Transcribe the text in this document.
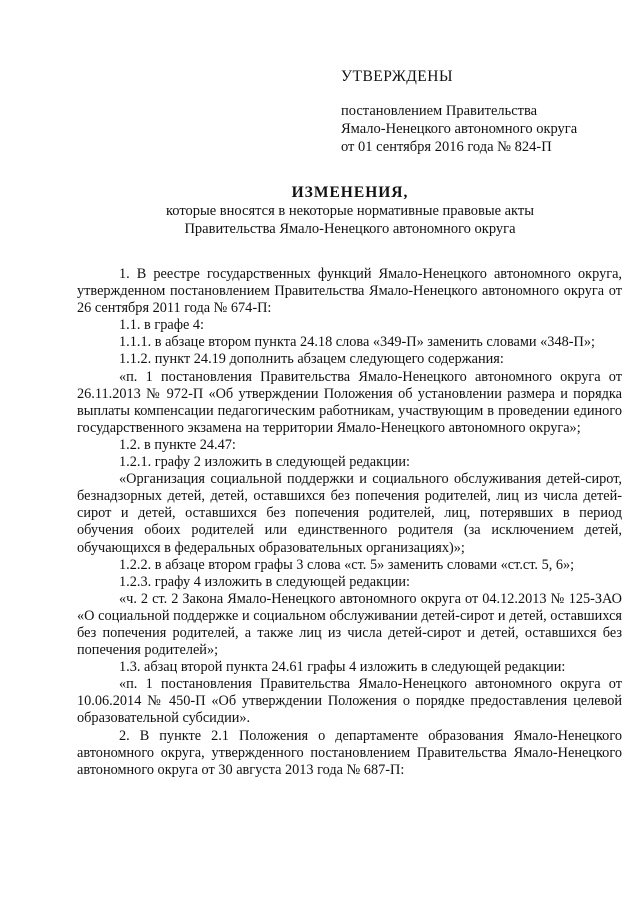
УТВЕРЖДЕНЫ
постановлением Правительства
Ямало-Ненецкого автономного округа
от 01 сентября 2016 года № 824-П
ИЗМЕНЕНИЯ,
которые вносятся в некоторые нормативные правовые акты
Правительства Ямало-Ненецкого автономного округа

1. В реестре государственных функций Ямало-Ненецкого автономного округа, утвержденном постановлением Правительства Ямало-Ненецкого автономного округа от 26 сентября 2011 года № 674-П:

1.1. в графе 4:

1.1.1. в абзаце втором пункта 24.18 слова «349-П» заменить словами «348-П»;

1.1.2. пункт 24.19 дополнить абзацем следующего содержания:

«п. 1 постановления Правительства Ямало-Ненецкого автономного округа от 26.11.2013 № 972-П «Об утверждении Положения об установлении размера и порядка выплаты компенсации педагогическим работникам, участвующим в проведении единого государственного экзамена на территории Ямало-Ненецкого автономного округа»;

1.2. в пункте 24.47:

1.2.1. графу 2 изложить в следующей редакции:

«Организация социальной поддержки и социального обслуживания детей-сирот, безнадзорных детей, детей, оставшихся без попечения родителей, лиц из числа детей-сирот и детей, оставшихся без попечения родителей, лиц, потерявших в период обучения обоих родителей или единственного родителя (за исключением детей, обучающихся в федеральных образовательных организациях)»;

1.2.2. в абзаце втором графы 3 слова «ст. 5» заменить словами «ст.ст. 5, 6»;

1.2.3. графу 4 изложить в следующей редакции:

«ч. 2 ст. 2 Закона Ямало-Ненецкого автономного округа от 04.12.2013 № 125-ЗАО «О социальной поддержке и социальном обслуживании детей-сирот и детей, оставшихся без попечения родителей, а также лиц из числа детей-сирот и детей, оставшихся без попечения родителей»;

1.3. абзац второй пункта 24.61 графы 4 изложить в следующей редакции:

«п. 1 постановления Правительства Ямало-Ненецкого автономного округа от 10.06.2014 № 450-П «Об утверждении Положения о порядке предоставления целевой образовательной субсидии».

2. В пункте 2.1 Положения о департаменте образования Ямало-Ненецкого автономного округа, утвержденного постановлением Правительства Ямало-Ненецкого автономного округа от 30 августа 2013 года № 687-П:
